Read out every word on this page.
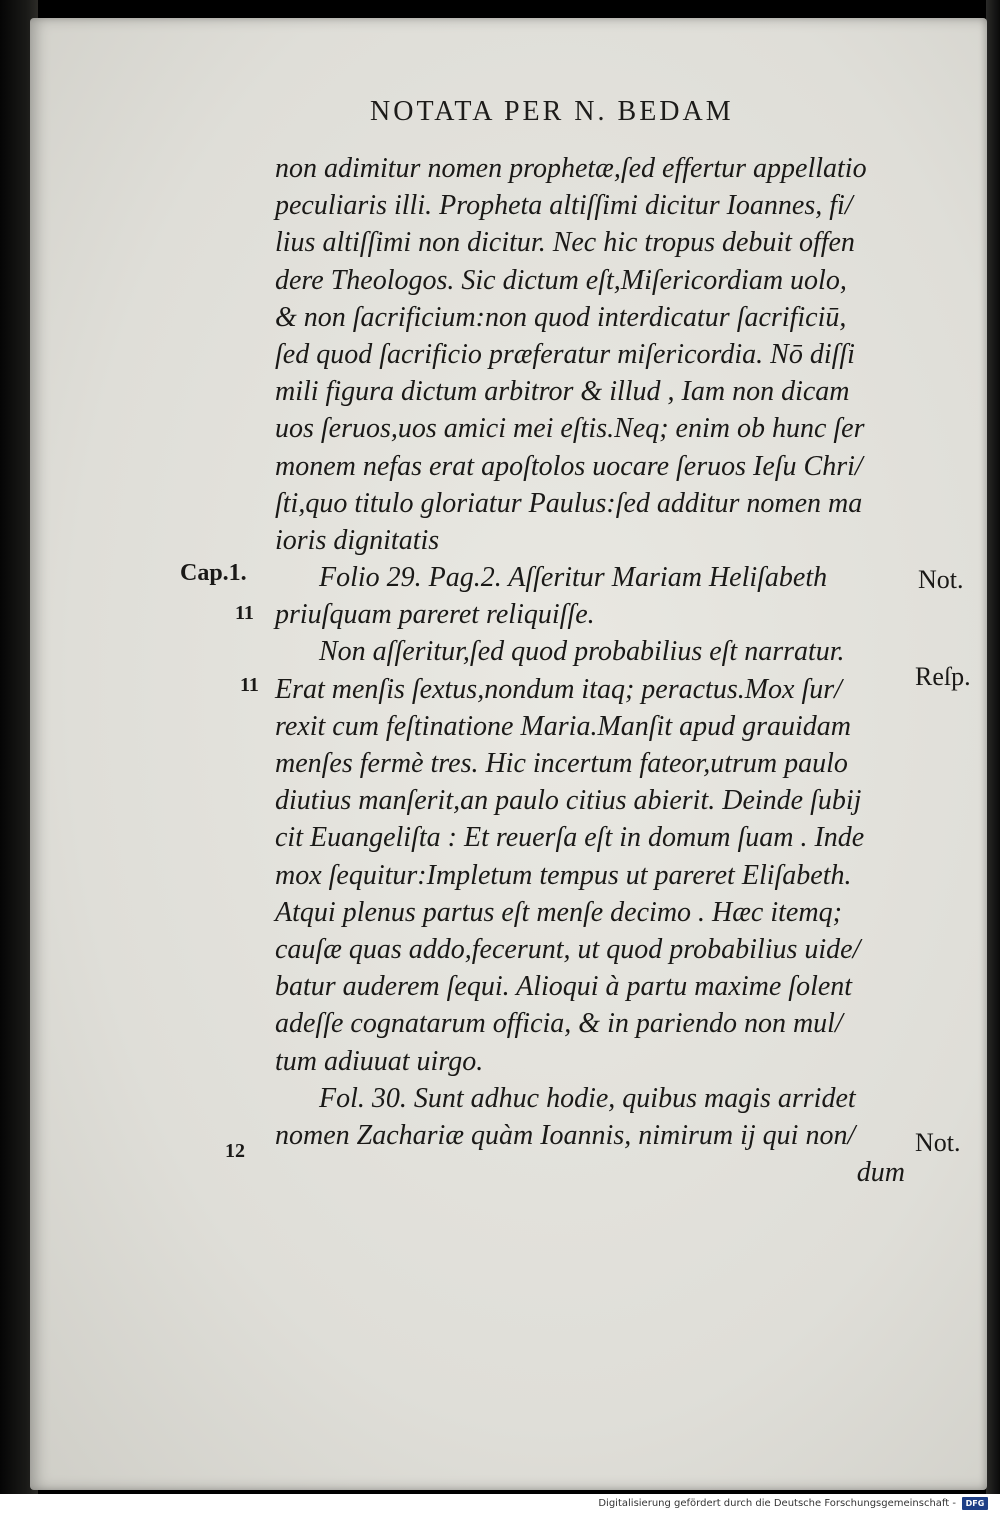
NOTATA PER N. BEDAM
non adimitur nomen prophetæ,ſed effertur appellatio
peculiaris illi. Propheta altiſſimi dicitur Ioannes, fi/
lius altiſſimi non dicitur. Nec hic tropus debuit offen
dere Theologos. Sic dictum eſt,Miſericordiam uolo,
& non ſacrificium:non quod interdicatur ſacrificiū,
ſed quod ſacrificio præferatur miſericordia. Nō diſſi
mili figura dictum arbitror & illud , Iam non dicam
uos ſeruos,uos amici mei eſtis.Neq; enim ob hunc ſer
monem nefas erat apoſtolos uocare ſeruos Ieſu Chri/
ſti,quo titulo gloriatur Paulus:ſed additur nomen ma
ioris dignitatis
Folio 29. Pag.2. Aſſeritur Mariam Heliſabeth
priuſquam pareret reliquiſſe.
Non aſſeritur,ſed quod probabilius eſt narratur.
Erat menſis ſextus,nondum itaq; peractus.Mox ſur/
rexit cum feſtinatione Maria.Manſit apud grauidam
menſes fermè tres. Hic incertum fateor,utrum paulo
diutius manſerit,an paulo citius abierit. Deinde ſubij
cit Euangeliſta : Et reuerſa eſt in domum ſuam . Inde
mox ſequitur:Impletum tempus ut pareret Eliſabeth.
Atqui plenus partus eſt menſe decimo . Hæc itemq;
cauſæ quas addo,fecerunt, ut quod probabilius uide/
batur auderem ſequi. Alioqui à partu maxime ſolent
adeſſe cognatarum officia, & in pariendo non mul/
tum adiuuat uirgo.
Fol. 30. Sunt adhuc hodie, quibus magis arridet
nomen Zachariæ quàm Ioannis, nimirum ij qui non/
dum
Cap.1.
11
11
12
Not.
Reſp.
Not.
Digitalisierung gefördert durch die Deutsche Forschungsgemeinschaft -	DFG
